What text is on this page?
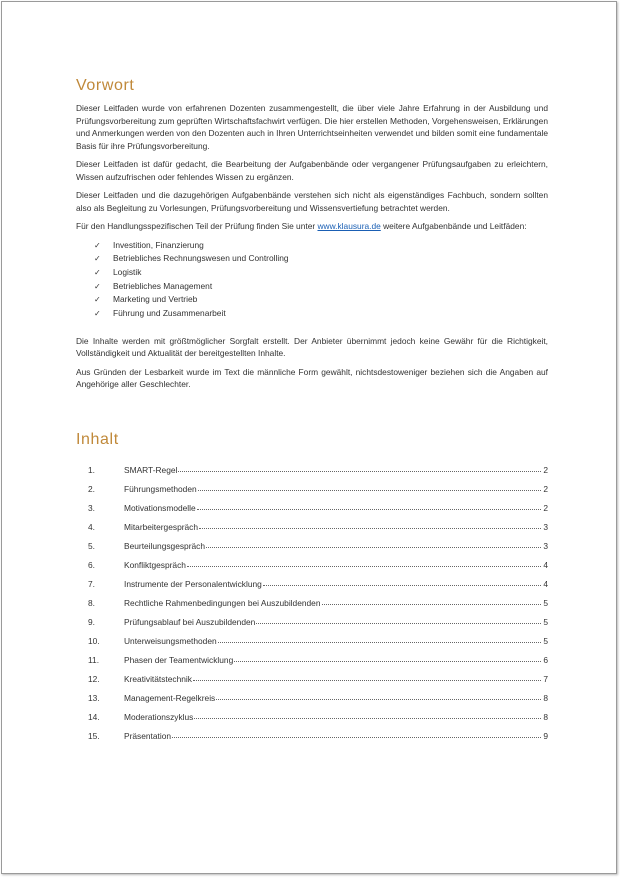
Vorwort

Dieser Leitfaden wurde von erfahrenen Dozenten zusammengestellt, die über viele Jahre Erfahrung in der Ausbildung und Prüfungsvorbereitung zum geprüften Wirtschaftsfachwirt verfügen. Die hier erstellen Methoden, Vorgehensweisen, Erklärungen und Anmerkungen werden von den Dozenten auch in Ihren Unterrichtseinheiten verwendet und bilden somit eine fundamentale Basis für ihre Prüfungsvorbereitung.

Dieser Leitfaden ist dafür gedacht, die Bearbeitung der Aufgabenbände oder vergangener Prüfungsaufgaben zu erleichtern, Wissen aufzufrischen oder fehlendes Wissen zu ergänzen.

Dieser Leitfaden und die dazugehörigen Aufgabenbände verstehen sich nicht als eigenständiges Fachbuch, sondern sollten also als Begleitung zu Vorlesungen, Prüfungsvorbereitung und Wissensvertiefung betrachtet werden.

Für den Handlungsspezifischen Teil der Prüfung finden Sie unter www.klausura.de weitere Aufgabenbände und Leitfäden:

✓ Investition, Finanzierung
✓ Betriebliches Rechnungswesen und Controlling
✓ Logistik
✓ Betriebliches Management
✓ Marketing und Vertrieb
✓ Führung und Zusammenarbeit

Die Inhalte werden mit größtmöglicher Sorgfalt erstellt. Der Anbieter übernimmt jedoch keine Gewähr für die Richtigkeit, Vollständigkeit und Aktualität der bereitgestellten Inhalte.

Aus Gründen der Lesbarkeit wurde im Text die männliche Form gewählt, nichtsdestoweniger beziehen sich die Angaben auf Angehörige aller Geschlechter.

Inhalt
1.	SMART-Regel	2
2.	Führungsmethoden	2
3.	Motivationsmodelle	2
4.	Mitarbeitergespräch	3
5.	Beurteilungsgespräch	3
6.	Konfliktgespräch	4
7.	Instrumente der Personalentwicklung	4
8.	Rechtliche Rahmenbedingungen bei Auszubildenden	5
9.	Prüfungsablauf bei Auszubildenden	5
10.	Unterweisungsmethoden	5
11.	Phasen der Teamentwicklung	6
12.	Kreativitätstechnik	7
13.	Management-Regelkreis	8
14.	Moderationszyklus	8
15.	Präsentation	9
